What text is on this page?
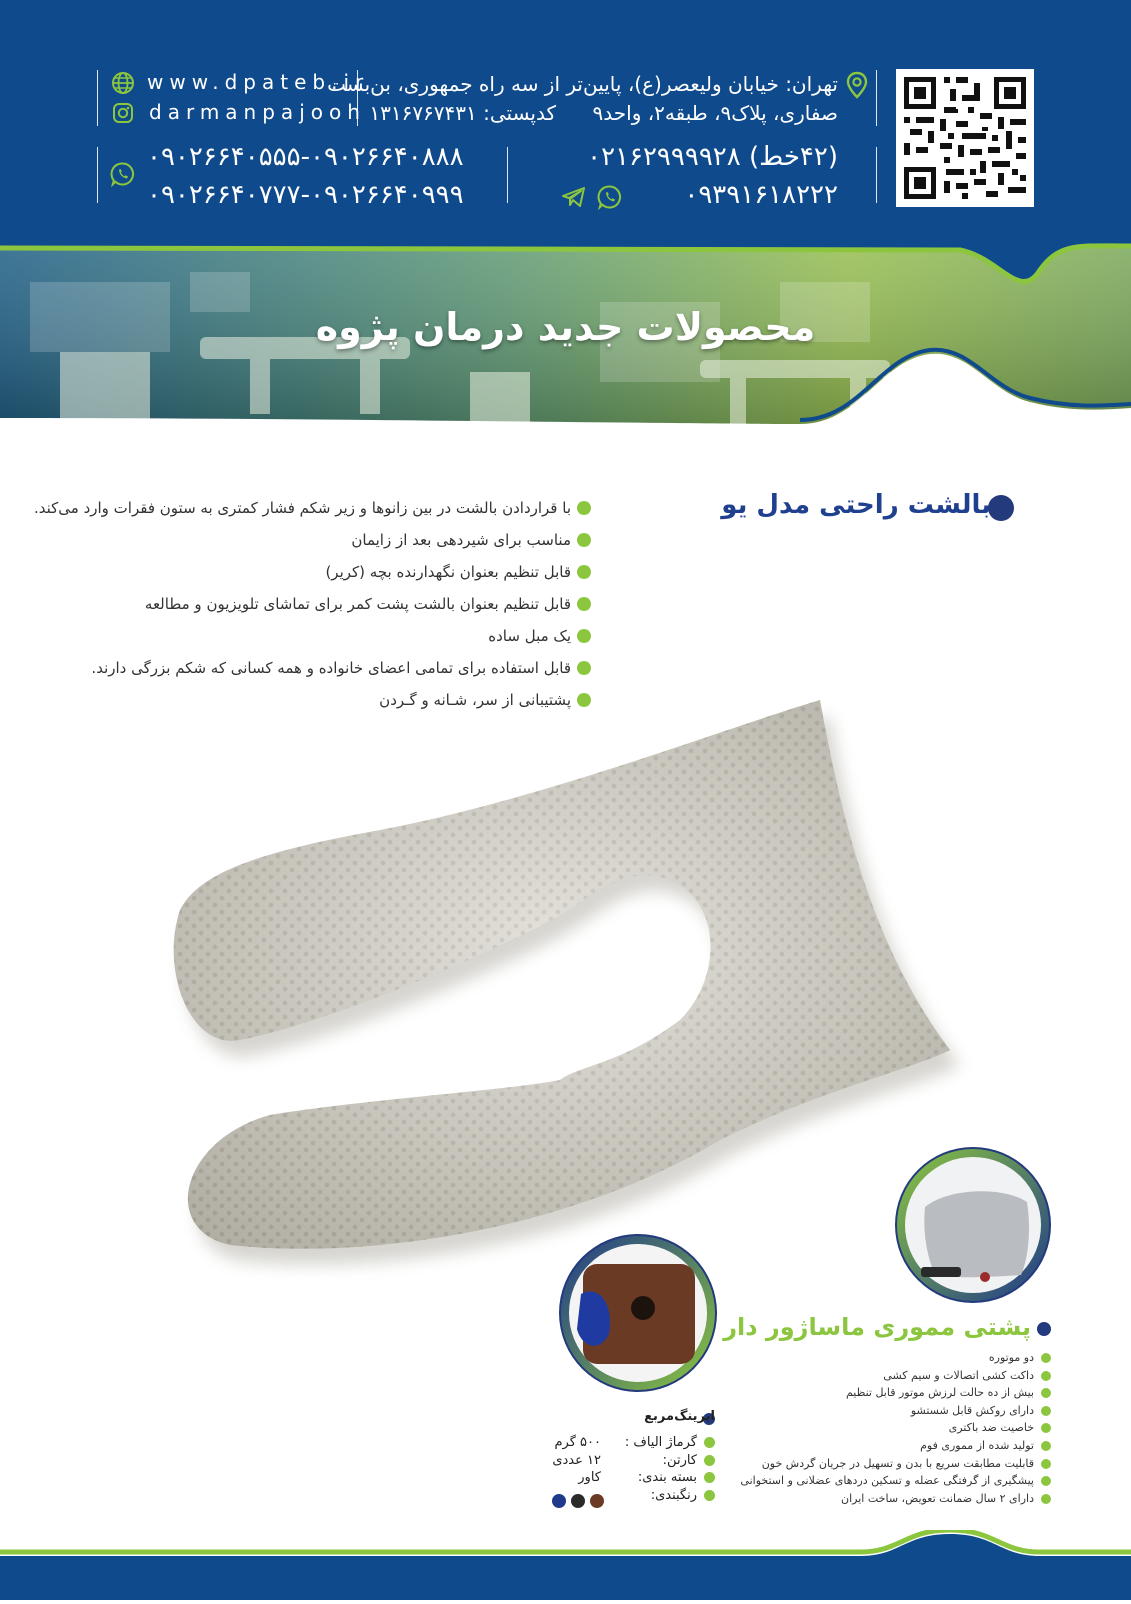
تهران: خیابان ولیعصر(ع)، پایین‌تر از سه راه جمهوری، بن‌بست
صفاری، پلاک۹، طبقه۲، واحد۹
کدپستی: ۱۳۱۶۷۶۷۴۳۱
www.dpateb.ir
darmanpajooh
(۴۲خط) ۰۲۱۶۲۹۹۹۹۲۸
۰۹۳۹۱۶۱۸۲۲۲
۰۹۰۲۶۶۴۰۵۵۵-۰۹۰۲۶۶۴۰۸۸۸
۰۹۰۲۶۶۴۰۷۷۷-۰۹۰۲۶۶۴۰۹۹۹
محصولات جدید درمان پژوه
بالشت راحتی مدل یو
با قراردادن بالشت در بین زانوها و زیر شکم فشار کمتری به ستون فقرات وارد می‌کند.
مناسب برای شیردهی بعد از زایمان
قابل تنظیم بعنوان نگهدارنده بچه (کریر)
قابل تنظیم بعنوان بالشت پشت کمر برای تماشای تلویزیون و مطالعه
یک مبل ساده
قابل استفاده برای تمامی اعضای خانواده و همه کسانی که شکم بزرگی دارند.
پشتیبانی از سر، شـانه و گـردن
پشتی مموری ماساژور دار
دو موتوره
داکت کشی اتصالات و سیم کشی
بیش از ده حالت لرزش موتور قابل تنظیم
دارای روکش قابل شستشو
خاصیت ضد باکتری
تولید شده از مموری فوم
قابلیت مطابقت سریع با بدن و تسهیل در جریان گردش خون
پیشگیری از گرفتگی عضله و تسکین دردهای عضلانی و استخوانی
دارای ۲ سال ضمانت تعویض، ساخت ایران
ایرینگ‌مربع
گرماژ الیاف :
کارتن:
بسته بندی:
رنگبندی:
۵۰۰ گرم
۱۲ عددی
کاور
